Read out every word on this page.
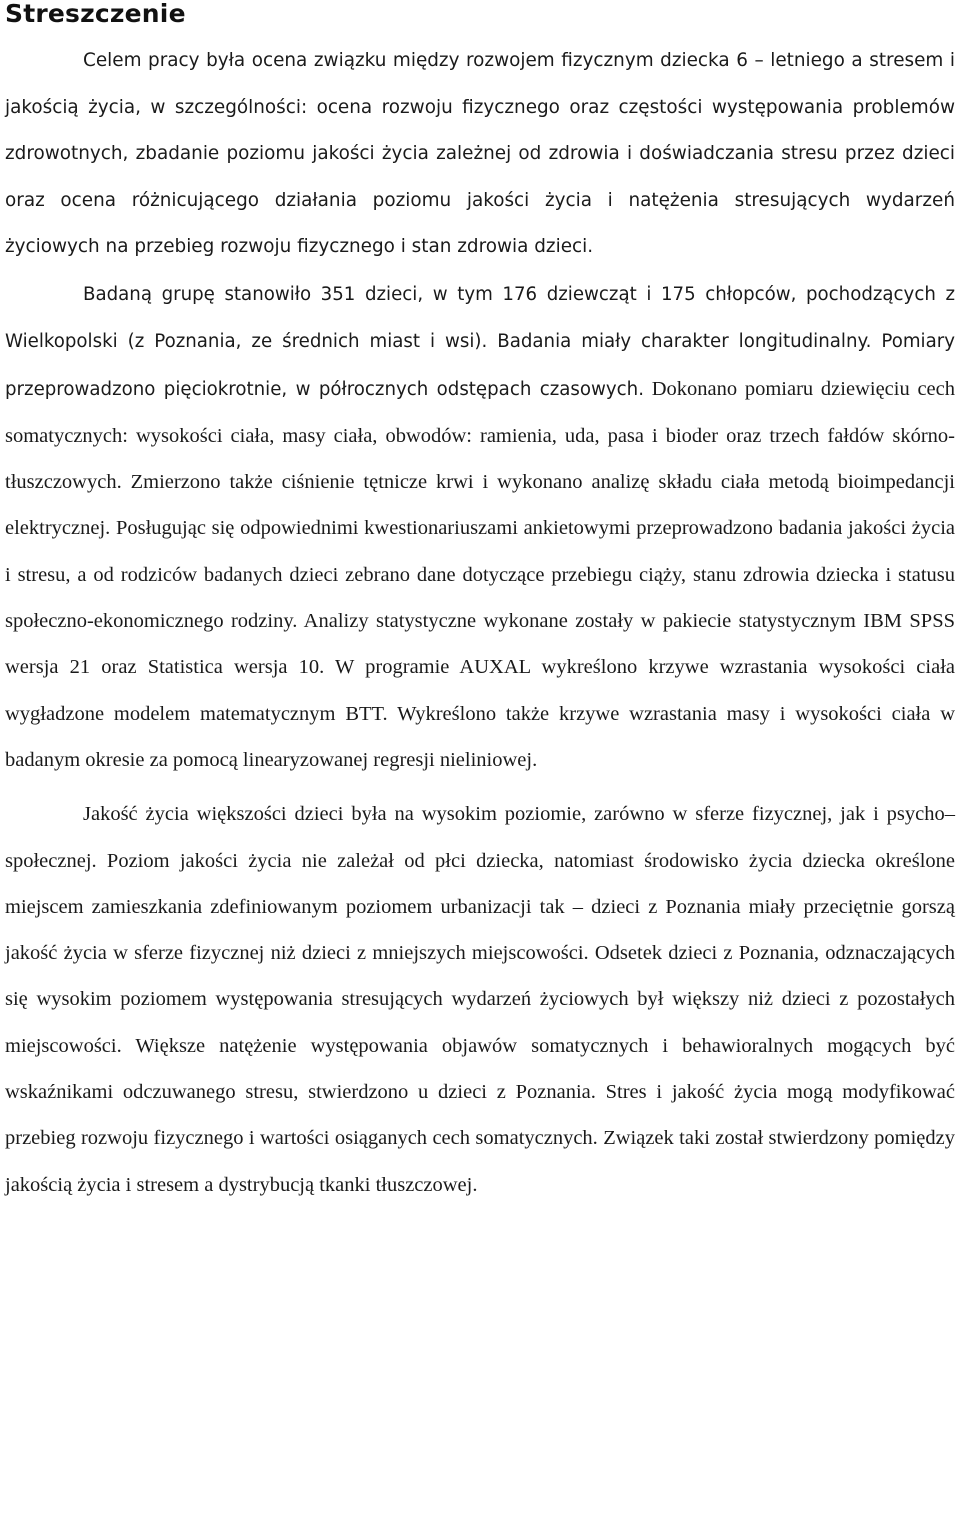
Streszczenie

Celem pracy była ocena związku między rozwojem fizycznym dziecka 6 – letniego a stresem i jakością życia, w szczególności: ocena rozwoju fizycznego oraz częstości występowania problemów zdrowotnych, zbadanie poziomu jakości życia zależnej od zdrowia i doświadczania stresu przez dzieci oraz ocena różnicującego działania poziomu jakości życia i natężenia stresujących wydarzeń życiowych na przebieg rozwoju fizycznego i stan zdrowia dzieci.

Badaną grupę stanowiło 351 dzieci, w tym 176 dziewcząt i 175 chłopców, pochodzących z Wielkopolski (z Poznania, ze średnich miast i wsi). Badania miały charakter longitudinalny. Pomiary przeprowadzono pięciokrotnie, w półrocznych odstępach czasowych. Dokonano pomiaru dziewięciu cech somatycznych: wysokości ciała, masy ciała, obwodów: ramienia, uda, pasa i bioder oraz trzech fałdów skórno-tłuszczowych. Zmierzono także ciśnienie tętnicze krwi i wykonano analizę składu ciała metodą bioimpedancji elektrycznej. Posługując się odpowiednimi kwestionariuszami ankietowymi przeprowadzono badania jakości życia i stresu, a od rodziców badanych dzieci zebrano dane dotyczące przebiegu ciąży, stanu zdrowia dziecka i statusu społeczno-ekonomicznego rodziny. Analizy statystyczne wykonane zostały w pakiecie statystycznym IBM SPSS wersja 21 oraz Statistica wersja 10. W programie AUXAL wykreślono krzywe wzrastania wysokości ciała wygładzone modelem matematycznym BTT. Wykreślono także krzywe wzrastania masy i wysokości ciała w badanym okresie za pomocą linearyzowanej regresji nieliniowej.

Jakość życia większości dzieci była na wysokim poziomie, zarówno w sferze fizycznej, jak i psycho–społecznej. Poziom jakości życia nie zależał od płci dziecka, natomiast środowisko życia dziecka określone miejscem zamieszkania zdefiniowanym poziomem urbanizacji tak – dzieci z Poznania miały przeciętnie gorszą jakość życia w sferze fizycznej niż dzieci z mniejszych miejscowości. Odsetek dzieci z Poznania, odznaczających się wysokim poziomem występowania stresujących wydarzeń życiowych był większy niż dzieci z pozostałych miejscowości. Większe natężenie występowania objawów somatycznych i behawioralnych mogących być wskaźnikami odczuwanego stresu, stwierdzono u dzieci z Poznania. Stres i jakość życia mogą modyfikować przebieg rozwoju fizycznego i wartości osiąganych cech somatycznych. Związek taki został stwierdzony pomiędzy jakością życia i stresem a dystrybucją tkanki tłuszczowej.
